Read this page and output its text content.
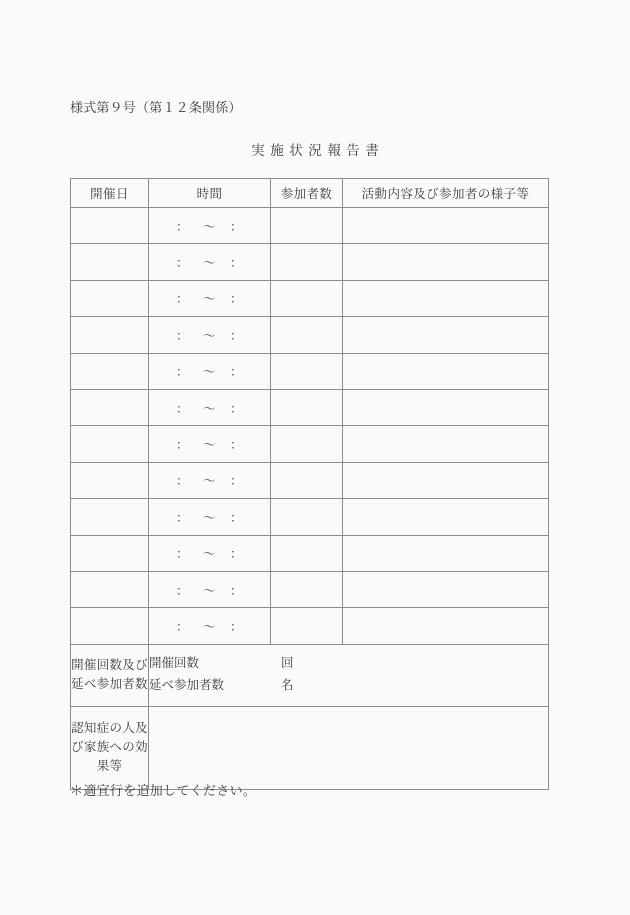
様式第９号（第１２条関係）
実施状況報告書
開催日	時間	参加者数	活動内容及び参加者の様子等
	： ～ ：		
	： ～ ：		
	： ～ ：		
	： ～ ：		
	： ～ ：		
	： ～ ：		
	： ～ ：		
	： ～ ：		
	： ～ ：		
	： ～ ：		
	： ～ ：		
	： ～ ：		
開催回数及び延べ参加者数	開催回数 回
延べ参加者数 名		

認知症の人及び家族への効果等			
＊適宜行を追加してください。
